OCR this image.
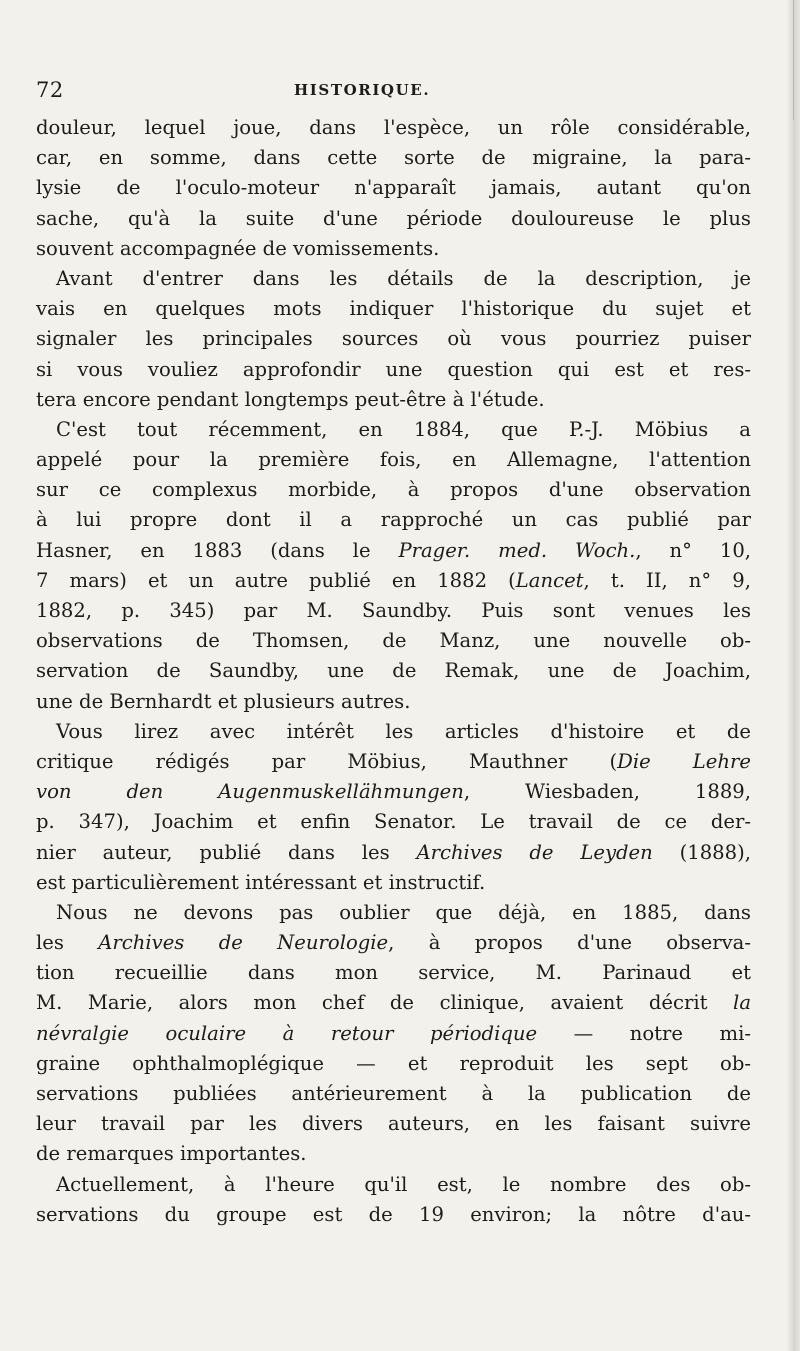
72	HISTORIQUE.
douleur, lequel joue, dans l'espèce, un rôle considérable,
car, en somme, dans cette sorte de migraine, la para-
lysie de l'oculo-moteur n'apparaît jamais, autant qu'on
sache, qu'à la suite d'une période douloureuse le plus
souvent accompagnée de vomissements.
Avant d'entrer dans les détails de la description, je
vais en quelques mots indiquer l'historique du sujet et
signaler les principales sources où vous pourriez puiser
si vous vouliez approfondir une question qui est et res-
tera encore pendant longtemps peut-être à l'étude.
C'est tout récemment, en 1884, que P.-J. Möbius a
appelé pour la première fois, en Allemagne, l'attention
sur ce complexus morbide, à propos d'une observation
à lui propre dont il a rapproché un cas publié par
Hasner, en 1883 (dans le Prager. med. Woch., n° 10,
7 mars) et un autre publié en 1882 (Lancet, t. II, n° 9,
1882, p. 345) par M. Saundby. Puis sont venues les
observations de Thomsen, de Manz, une nouvelle ob-
servation de Saundby, une de Remak, une de Joachim,
une de Bernhardt et plusieurs autres.
Vous lirez avec intérêt les articles d'histoire et de
critique rédigés par Möbius, Mauthner (Die Lehre
von den Augenmuskellähmungen, Wiesbaden, 1889,
p. 347), Joachim et enfin Senator. Le travail de ce der-
nier auteur, publié dans les Archives de Leyden (1888),
est particulièrement intéressant et instructif.
Nous ne devons pas oublier que déjà, en 1885, dans
les Archives de Neurologie, à propos d'une observa-
tion recueillie dans mon service, M. Parinaud et
M. Marie, alors mon chef de clinique, avaient décrit la
névralgie oculaire à retour périodique — notre mi-
graine ophthalmoplégique — et reproduit les sept ob-
servations publiées antérieurement à la publication de
leur travail par les divers auteurs, en les faisant suivre
de remarques importantes.
Actuellement, à l'heure qu'il est, le nombre des ob-
servations du groupe est de 19 environ; la nôtre d'au-
